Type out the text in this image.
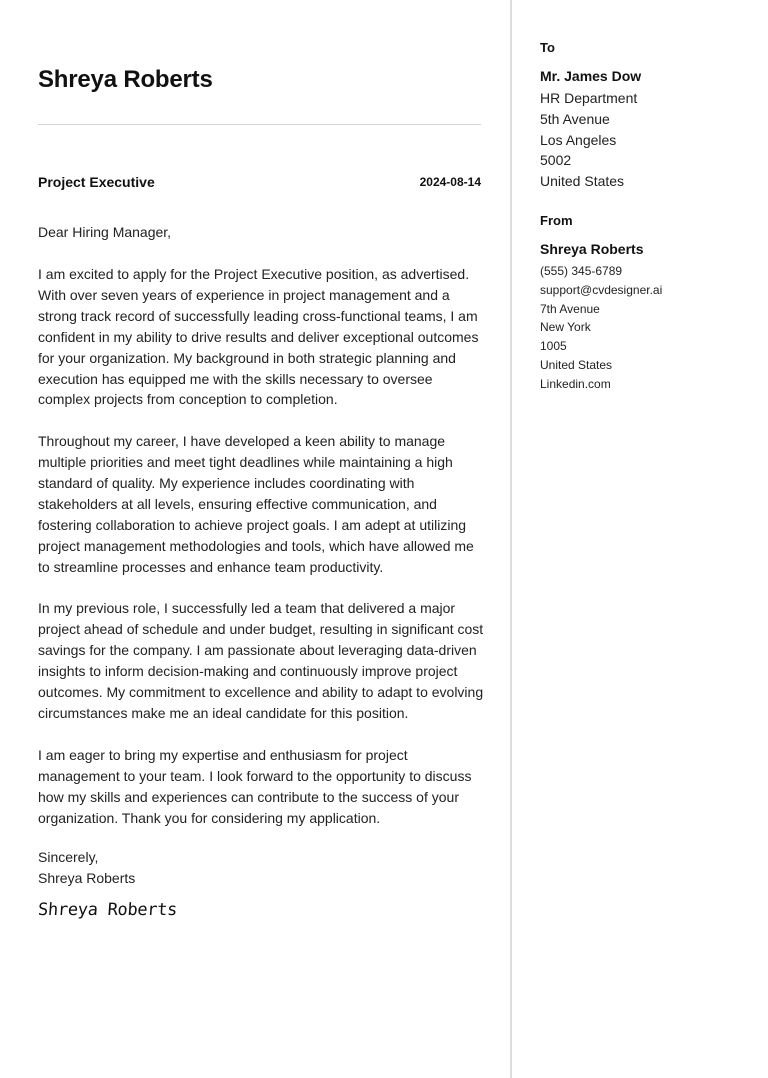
Shreya Roberts
Project Executive	2024-08-14
Dear Hiring Manager,

I am excited to apply for the Project Executive position, as advertised. With over seven years of experience in project management and a strong track record of successfully leading cross-functional teams, I am confident in my ability to drive results and deliver exceptional outcomes for your organization. My background in both strategic planning and execution has equipped me with the skills necessary to oversee complex projects from conception to completion.

Throughout my career, I have developed a keen ability to manage multiple priorities and meet tight deadlines while maintaining a high standard of quality. My experience includes coordinating with stakeholders at all levels, ensuring effective communication, and fostering collaboration to achieve project goals. I am adept at utilizing project management methodologies and tools, which have allowed me to streamline processes and enhance team productivity.

In my previous role, I successfully led a team that delivered a major project ahead of schedule and under budget, resulting in significant cost savings for the company. I am passionate about leveraging data-driven insights to inform decision-making and continuously improve project outcomes. My commitment to excellence and ability to adapt to evolving circumstances make me an ideal candidate for this position.

I am eager to bring my expertise and enthusiasm for project management to your team. I look forward to the opportunity to discuss how my skills and experiences can contribute to the success of your organization. Thank you for considering my application.

Sincerely,
Shreya Roberts
Shreya Roberts
To
Mr. James Dow
HR Department
5th Avenue
Los Angeles
5002
United States
From
Shreya Roberts
(555) 345-6789
support@cvdesigner.ai
7th Avenue
New York
1005
United States
Linkedin.com
